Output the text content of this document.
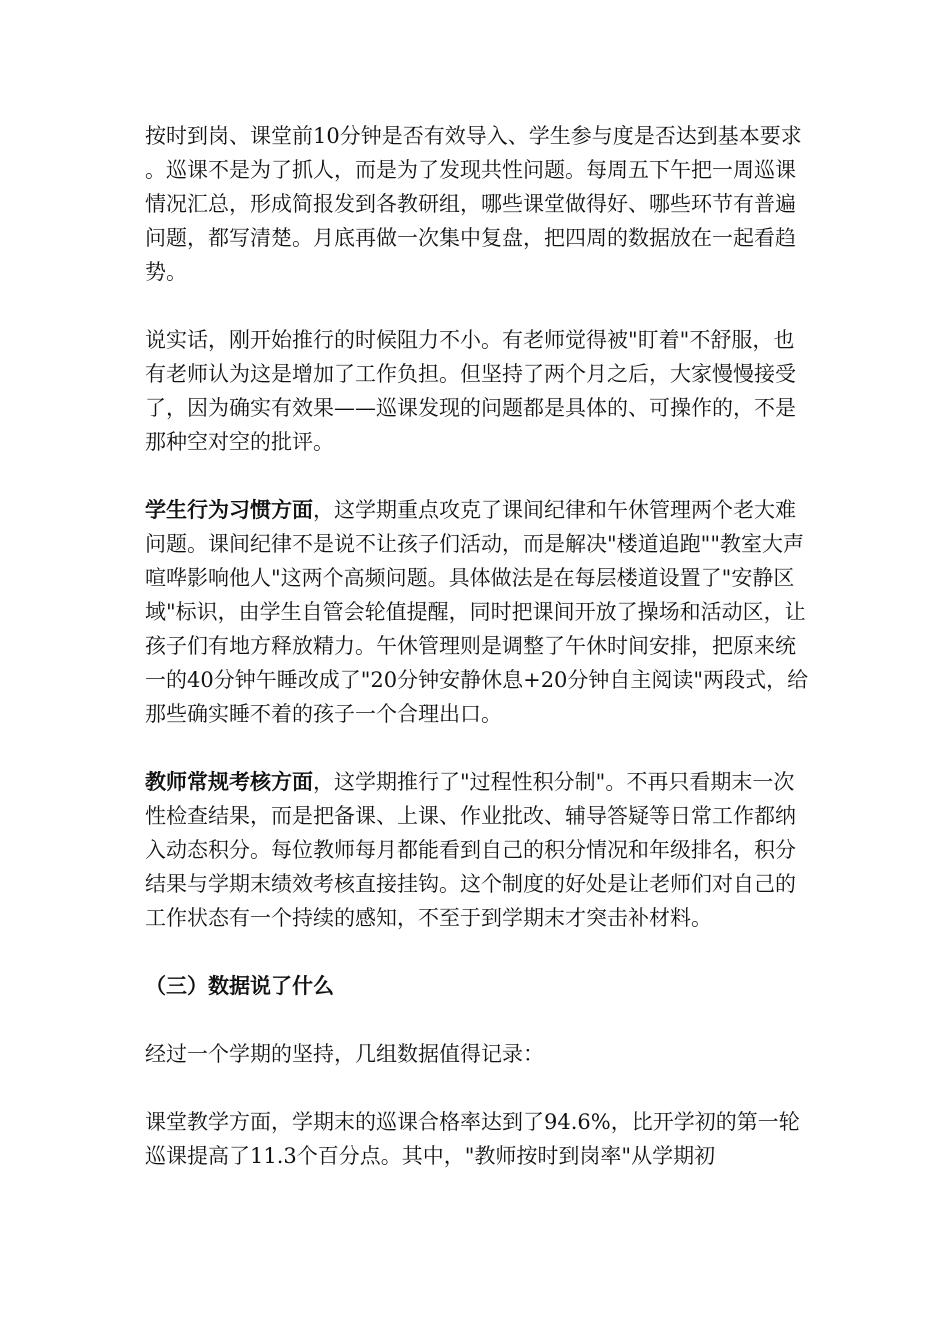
按时到岗、课堂前10分钟是否有效导入、学生参与度是否达到基本要求。巡课不是为了抓人，而是为了发现共性问题。每周五下午把一周巡课情况汇总，形成简报发到各教研组，哪些课堂做得好、哪些环节有普遍问题，都写清楚。月底再做一次集中复盘，把四周的数据放在一起看趋势。

说实话，刚开始推行的时候阻力不小。有老师觉得被"盯着"不舒服，也有老师认为这是增加了工作负担。但坚持了两个月之后，大家慢慢接受了，因为确实有效果——巡课发现的问题都是具体的、可操作的，不是那种空对空的批评。

学生行为习惯方面，这学期重点攻克了课间纪律和午休管理两个老大难问题。课间纪律不是说不让孩子们活动，而是解决"楼道追跑""教室大声喧哗影响他人"这两个高频问题。具体做法是在每层楼道设置了"安静区域"标识，由学生自管会轮值提醒，同时把课间开放了操场和活动区，让孩子们有地方释放精力。午休管理则是调整了午休时间安排，把原来统一的40分钟午睡改成了"20分钟安静休息+20分钟自主阅读"两段式，给那些确实睡不着的孩子一个合理出口。

教师常规考核方面，这学期推行了"过程性积分制"。不再只看期末一次性检查结果，而是把备课、上课、作业批改、辅导答疑等日常工作都纳入动态积分。每位教师每月都能看到自己的积分情况和年级排名，积分结果与学期末绩效考核直接挂钩。这个制度的好处是让老师们对自己的工作状态有一个持续的感知，不至于到学期末才突击补材料。

（三）数据说了什么

经过一个学期的坚持，几组数据值得记录：

课堂教学方面，学期末的巡课合格率达到了94.6%，比开学初的第一轮巡课提高了11.3个百分点。其中，"教师按时到岗率"从学期初
